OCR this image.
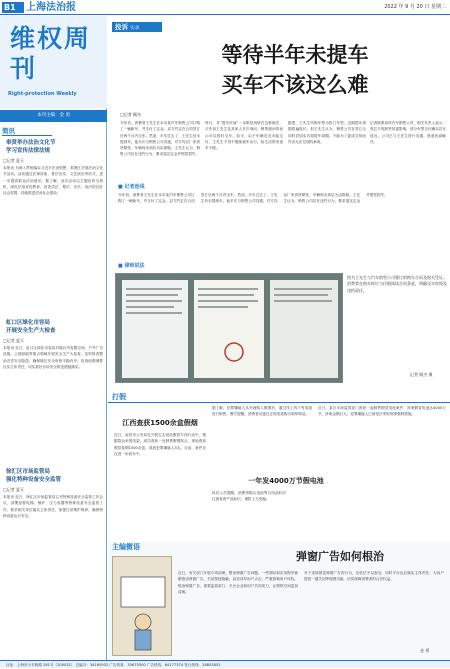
B1	上海法治报	2022 年 9 月 20 日 星期二
维权周刊
Right-protection Weekly
本刊主编：金 勇
简讯
奉贤举办法治文化节
学习宣传法律法规
□记者 夏天
本报讯 为深入贯彻落实习近平法治思想，奉贤区开展法治文化节活动。活动通过法律讲座、普法宣传、文艺演出等形式，进一步提高群众法治意识。据了解，此次活动以主题宣传为契机，深化法治宣传教育，营造学法、尊法、守法、用法的良好社会氛围，持续推进法治社会建设。
虹口区绿化市容局
开展安全生产大检查
□记者 夏天
本报讯 近日，虹口区绿化市容局对辖区内有限空间、户外广告设施、公园绿地等重点领域开展安全生产大检查，及时排查整治各类安全隐患，确保辖区安全形势平稳有序。检查组强调要压实主体责任，切实抓好各项安全防范措施落实。
徐汇区市场监管局
强化特种设备安全监管
□记者 夏天
本报讯 近日，徐汇区市场监管局召开特种设备安全监管工作会议，部署加强电梯、锅炉、压力容器等特种设备安全监管工作，要求相关单位落实主体责任，加强日常维护保养，确保特种设备运行安全。
投诉 实录
等待半年未提车
买车不该这么难
□记者 顾杰
今年初，消费者王先生在本市某汽车销售公司订购了一辆新车，并支付了定金。双方约定在合同签订后两个月内交车。然而，半年过去了，王先生仍未提到车。他多次与销售公司沟通，对方均以厂家供货紧张、车辆尚未到店为由推脱。王先生认为，销售公司存在违约行为，要求退还定金并赔偿损失。
每月，对“提车时间”一本都是到底在这种做法，买车前王先生及其家人多次询问，销售顾问均表示可以按时交车。如今，由于车辆迟迟未能交付，王先生不得不继续租车出行，给生活带来诸多不便。
据悉，王先生所购车型为热门车型，近期提车周期普遍较长。但王先生认为，销售公司在签订合同时应如实告知提车周期，不能为了促成交易而作出无法兑现的承诺。
记者联系到该汽车销售公司，相关负责人表示，受芯片短缺等因素影响，部分车型交付确实存在延迟。公司已与王先生进行沟通，愿意协商解决。
■ 记者连线
今年初，消费者王先生在本市某汽车销售公司订购了一辆新车，并支付了定金。双方约定在合同签订后两个月内交车。然而，半年过去了，王先生仍未提到车。他多次与销售公司沟通，对方均以厂家供货紧张、车辆尚未到店为由推脱。王先生认为，销售公司存在违约行为，要求退还定金并赔偿损失。
■ 律师说法
图为王先生与汽车销售公司签订的购车合同及相关凭证。消费者在购车时应当仔细阅读合同条款，明确交车时间及违约责任。
记者 顾杰 摄
打假
江西查获1500余盒假烟
近日，南昌市公安局在开展打击侵权假冒专项行动中，根据群众举报线索，成功查获一处制售假烟窝点，现场查获假冒卷烟1500余盒，抓获犯罪嫌疑人3名。目前，案件正在进一步侦办中。
据了解，犯罪嫌疑人从外地购入假烟后，通过线上线下等渠道进行销售。警方提醒，消费者应通过正规渠道购买烟草制品。
一年发4000万节假电池
近日，某区市场监管部门查获一起制售假冒电池案件，涉案假冒电池达4000万节，涉案金额巨大。犯罪嫌疑人已被依法采取刑事强制措施。
执法人员提醒，消费者购买电池等日用品时应注意查看产品标识，谨防上当受骗。
主编微语
弹窗广告如何根治
近日，有关部门开展专项治理，整治弹窗广告问题。一些网站和应用程序频繁推送弹窗广告，关闭按钮隐蔽，甚至诱导用户点击，严重影响用户体验。根治弹窗广告，需要监管部门、平台企业和用户共同发力，让网络空间更加清朗。
对于违规推送弹窗广告的行为，应依法予以查处，同时平台也应落实主体责任，为用户提供一键关闭等便捷功能，切实保障消费者的合法权益。
金 勇
社址：上海市小木桥路 281号（200032） 总编办：34160932 广告传真：33675500 广告热线：64177374 发行热线：28853853
